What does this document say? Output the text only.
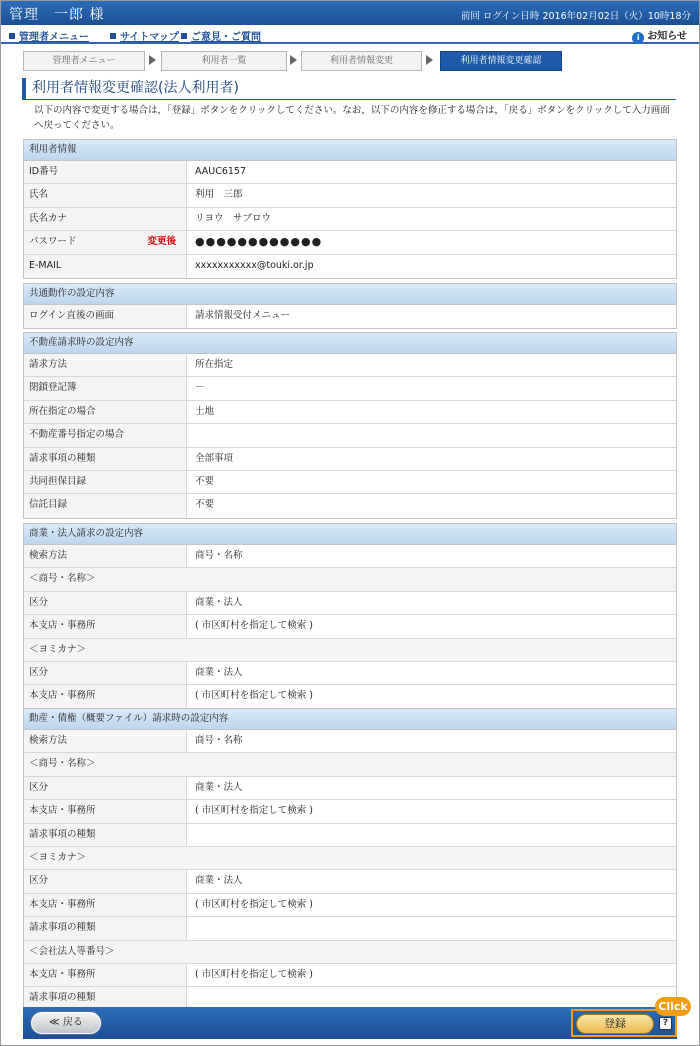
管理　一郎 様	前回 ログイン日時 2016年02月02日（火）10時18分
管理者メニュー	サイトマップ	ご意見・ご質問	i お知らせ
管理者メニュー	利用者一覧	利用者情報変更	利用者情報変更確認
利用者情報変更確認(法人利用者)
以下の内容で変更する場合は，「登録」ボタンをクリックしてください。なお，以下の内容を修正する場合は，「戻る」ボタンをクリックして入力画面へ戻ってください。
利用者情報
ID番号	AAUC6157
氏名	利用　三郎
氏名カナ	リヨウ　サブロウ
パスワード	変更後	●●●●●●●●●●●●
E-MAIL	xxxxxxxxxxx@touki.or.jp
共通動作の設定内容
ログイン直後の画面	請求情報受付メニュー
不動産請求時の設定内容
請求方法	所在指定
閉鎖登記簿	－
所在指定の場合	土地
不動産番号指定の場合
請求事項の種類	全部事項
共同担保目録	不要
信託目録	不要
商業・法人請求の設定内容
検索方法	商号・名称
＜商号・名称＞
区分	商業・法人
本支店・事務所	( 市区町村を指定して検索 )
＜ヨミカナ＞
区分	商業・法人
本支店・事務所	( 市区町村を指定して検索 )
動産・債権（概要ファイル）請求時の設定内容
検索方法	商号・名称
＜商号・名称＞
区分	商業・法人
本支店・事務所	( 市区町村を指定して検索 )
請求事項の種類
＜ヨミカナ＞
区分	商業・法人
本支店・事務所	( 市区町村を指定して検索 )
請求事項の種類
＜会社法人等番号＞
本支店・事務所	( 市区町村を指定して検索 )
請求事項の種類
≪ 戻る	登録	?
Click
